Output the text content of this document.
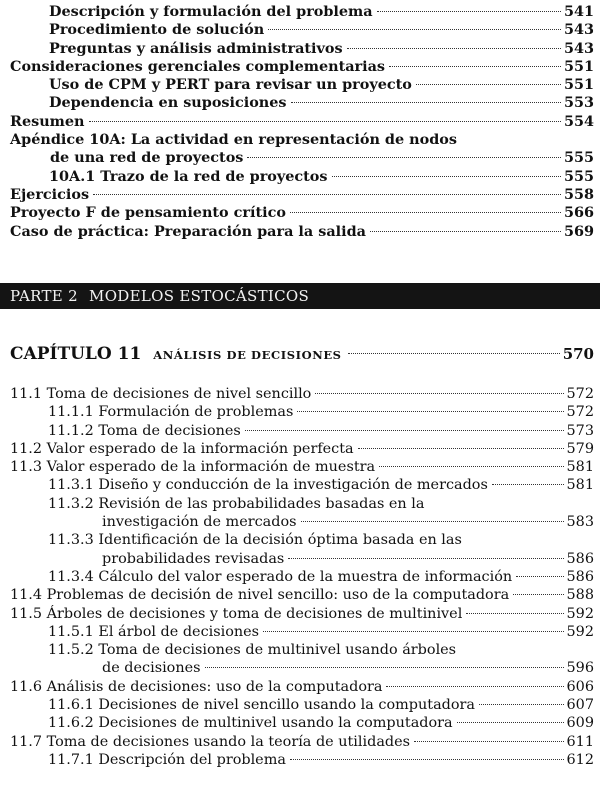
Descripción y formulación del problema	541
Procedimiento de solución	543
Preguntas y análisis administrativos	543
Consideraciones gerenciales complementarias	551
Uso de CPM y PERT para revisar un proyecto	551
Dependencia en suposiciones	553
Resumen	554
Apéndice 10A: La actividad en representación de nodos
de una red de proyectos	555
10A.1 Trazo de la red de proyectos	555
Ejercicios	558
Proyecto F de pensamiento crítico	566
Caso de práctica: Preparación para la salida	569
PARTE 2 MODELOS ESTOCÁSTICOS
CAPÍTULO 11 ANÁLISIS DE DECISIONES	570
11.1 Toma de decisiones de nivel sencillo	572
11.1.1 Formulación de problemas	572
11.1.2 Toma de decisiones	573
11.2 Valor esperado de la información perfecta	579
11.3 Valor esperado de la información de muestra	581
11.3.1 Diseño y conducción de la investigación de mercados	581
11.3.2 Revisión de las probabilidades basadas en la
investigación de mercados	583
11.3.3 Identificación de la decisión óptima basada en las
probabilidades revisadas	586
11.3.4 Cálculo del valor esperado de la muestra de información	586
11.4 Problemas de decisión de nivel sencillo: uso de la computadora	588
11.5 Árboles de decisiones y toma de decisiones de multinivel	592
11.5.1 El árbol de decisiones	592
11.5.2 Toma de decisiones de multinivel usando árboles
de decisiones	596
11.6 Análisis de decisiones: uso de la computadora	606
11.6.1 Decisiones de nivel sencillo usando la computadora	607
11.6.2 Decisiones de multinivel usando la computadora	609
11.7 Toma de decisiones usando la teoría de utilidades	611
11.7.1 Descripción del problema	612
